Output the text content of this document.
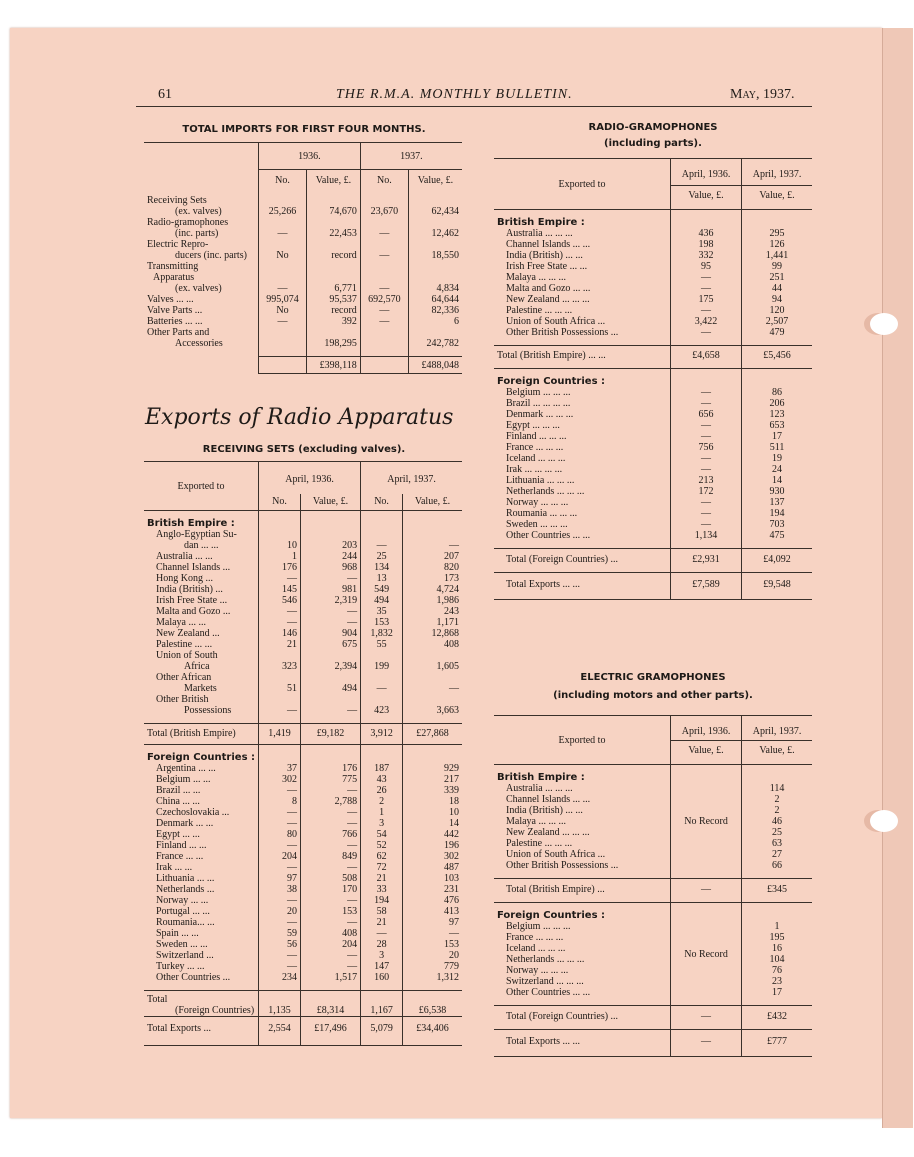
61	THE R.M.A. MONTHLY BULLETIN.	May, 1937.
TOTAL IMPORTS FOR FIRST FOUR MONTHS.
	1936.		1937.	
	No.	Value, £.	No.	Value, £.

Receiving Sets
(ex. valves)	25,266	74,670	23,670	62,434

Radio-gramophones
(inc. parts)	—	22,453	—	12,462

Electric Repro-
ducers (inc. parts)	No	record	—	18,550

Transmitting
Apparatus
(ex. valves)	—	6,771	—	4,834

Valves ... ...	995,074	95,537	692,570	64,644

Valve Parts ...	No	record	—	82,336

Batteries ... ...	—	392	—	6

Other Parts and
Accessories		198,295		242,782

		£398,118		£488,048
Exports of Radio Apparatus
RECEIVING SETS (excluding valves).
Exported to	April, 1936.		April, 1937.	
	No.	Value, £.	No.	Value, £.

British Empire :				

Anglo-Egyptian Su-
dan ... ...	10	203	—	—

Australia ... ...	1	244	25	207

Channel Islands ...	176	968	134	820

Hong Kong ...	—	—	13	173

India (British) ...	145	981	549	4,724

Irish Free State ...	546	2,319	494	1,986

Malta and Gozo ...	—	—	35	243

Malaya ... ...	—	—	153	1,171

New Zealand ...	146	904	1,832	12,868

Palestine ... ...	21	675	55	408

Union of South
Africa	323	2,394	199	1,605

Other African
Markets	51	494	—	—

Other British
Possessions	—	—	423	3,663

Total (British Empire)	1,419	£9,182	3,912	£27,868

Foreign Countries :				

Argentina ... ...	37	176	187	929

Belgium ... ...	302	775	43	217

Brazil ... ...	—	—	26	339

China ... ...	8	2,788	2	18

Czechoslovakia ...	—	—	1	10

Denmark ... ...	—	—	3	14

Egypt ... ...	80	766	54	442

Finland ... ...	—	—	52	196

France ... ...	204	849	62	302

Irak ... ...	—	—	72	487

Lithuania ... ...	97	508	21	103

Netherlands ...	38	170	33	231

Norway ... ...	—	—	194	476

Portugal ... ...	20	153	58	413

Roumania... ...	—	—	21	97

Spain ... ...	59	408	—	—

Sweden ... ...	56	204	28	153

Switzerland ...	—	—	3	20

Turkey ... ...	—	—	147	779

Other Countries ...	234	1,517	160	1,312

Total
(Foreign Countries)	1,135	£8,314	1,167	£6,538
Total Exports ...	2,554	£17,496	5,079	£34,406
RADIO-GRAMOPHONES
(including parts).
Exported to	April, 1936.	April, 1937.
	Value, £.	Value, £.

British Empire :		
Australia ... ... ...	436	295
Channel Islands ... ...	198	126
India (British) ... ...	332	1,441
Irish Free State ... ...	95	99
Malaya ... ... ...	—	251
Malta and Gozo ... ...	—	44
New Zealand ... ... ...	175	94
Palestine ... ... ...	—	120
Union of South Africa ...	3,422	2,507
Other British Possessions ...	—	479

Total (British Empire) ... ...	£4,658	£5,456

Foreign Countries :		
Belgium ... ... ...	—	86
Brazil ... ... ... ...	—	206
Denmark ... ... ...	656	123
Egypt ... ... ...	—	653
Finland ... ... ...	—	17
France ... ... ...	756	511
Iceland ... ... ...	—	19
Irak ... ... ... ...	—	24
Lithuania ... ... ...	213	14
Netherlands ... ... ...	172	930
Norway ... ... ...	—	137
Roumania ... ... ...	—	194
Sweden ... ... ...	—	703
Other Countries ... ...	1,134	475

Total (Foreign Countries) ...	£2,931	£4,092
Total Exports ... ...	£7,589	£9,548
ELECTRIC GRAMOPHONES
(including motors and other parts).
Exported to	April, 1936.	April, 1937.
	Value, £.	Value, £.

British Empire :	No Record	
Australia ... ... ...		114
Channel Islands ... ...		2
India (British) ... ...		2
Malaya ... ... ...		46
New Zealand ... ... ...		25
Palestine ... ... ...		63
Union of South Africa ...		27
Other British Possessions ...		66

Total (British Empire) ...	—	£345

Foreign Countries :	No Record	
Belgium ... ... ...		1
France ... ... ...		195
Iceland ... ... ...		16
Netherlands ... ... ...		104
Norway ... ... ...		76
Switzerland ... ... ...		23
Other Countries ... ...		17

Total (Foreign Countries) ...	—	£432
Total Exports ... ...	—	£777
